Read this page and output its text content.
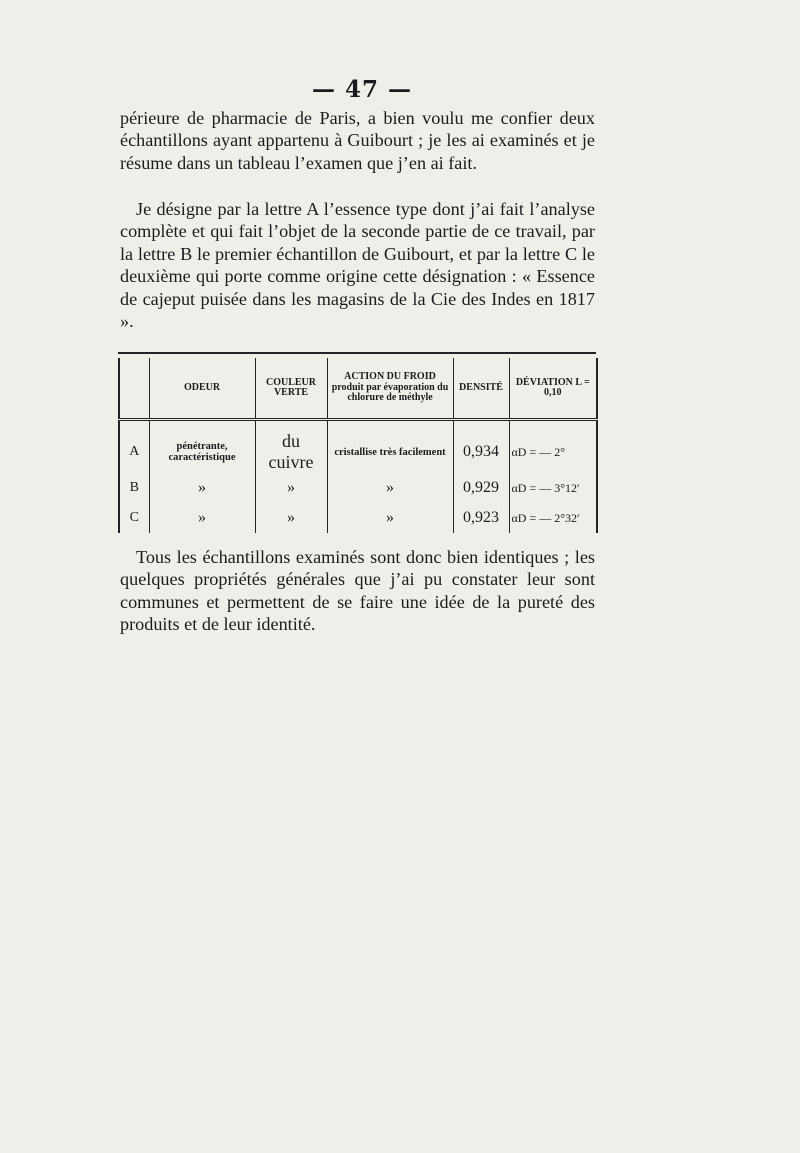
— 47 —

périeure de pharmacie de Paris, a bien voulu me confier deux échantillons ayant appartenu à Guibourt ; je les ai examinés et je résume dans un tableau l’examen que j’en ai fait.

Je désigne par la lettre A l’essence type dont j’ai fait l’analyse complète et qui fait l’objet de la seconde partie de ce travail, par la lettre B le premier échantillon de Guibourt, et par la lettre C le deuxième qui porte comme origine cette désignation : « Essence de cajeput puisée dans les magasins de la Cie des Indes en 1817 ».

	ODEUR	COULEUR VERTE	ACTION DU FROID produit par évaporation du chlorure de méthyle	DENSITÉ	DÉVIATION L = 0,10
A	pénétrante, caractéristique	du cuivre	cristallise très facilement	0,934	αD = — 2°
B	»	»	»	0,929	αD = — 3°12′
C	»	»	»	0,923	αD = — 2°32′

Tous les échantillons examinés sont donc bien identiques ; les quelques propriétés générales que j’ai pu constater leur sont communes et permettent de se faire une idée de la pureté des produits et de leur identité.
